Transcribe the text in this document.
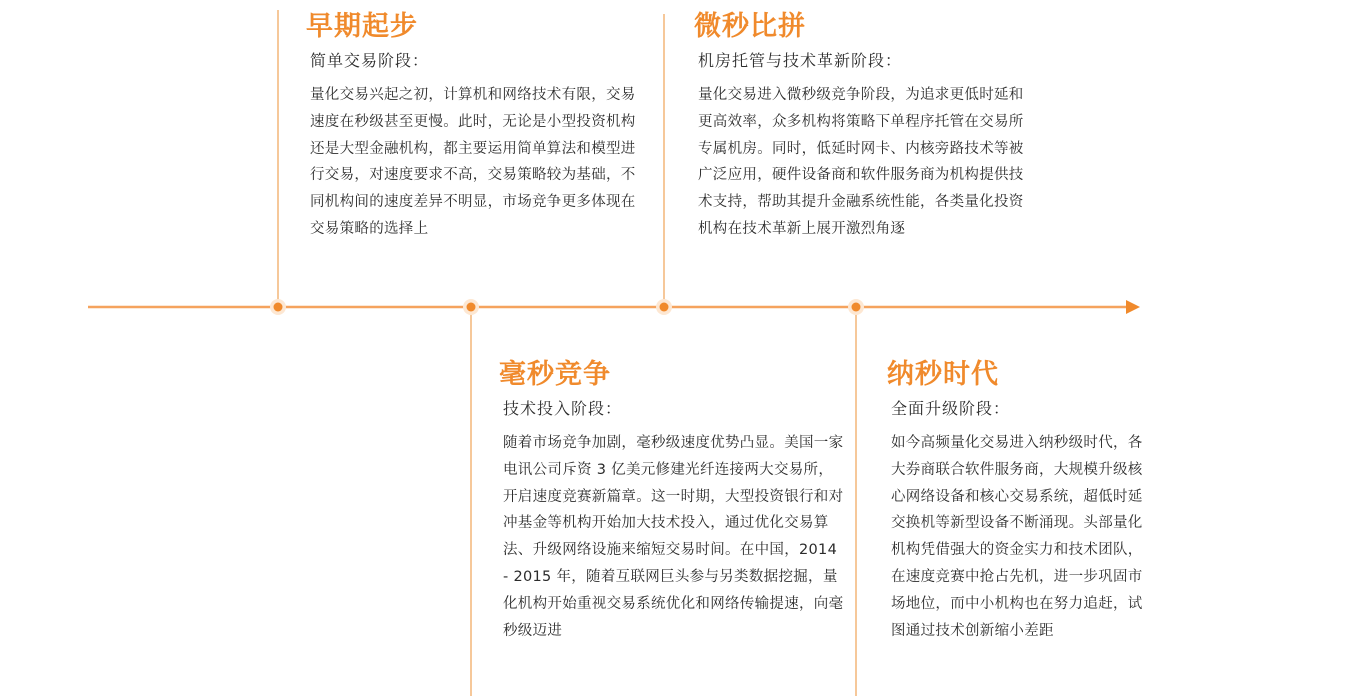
早期起步
简单交易阶段：

量化交易兴起之初，计算机和网络技术有限，交易速度在秒级甚至更慢。此时，无论是小型投资机构还是大型金融机构，都主要运用简单算法和模型进行交易，对速度要求不高，交易策略较为基础，不同机构间的速度差异不明显，市场竞争更多体现在交易策略的选择上

微秒比拼
机房托管与技术革新阶段：

量化交易进入微秒级竞争阶段，为追求更低时延和更高效率，众多机构将策略下单程序托管在交易所专属机房。同时，低延时网卡、内核旁路技术等被广泛应用，硬件设备商和软件服务商为机构提供技术支持，帮助其提升金融系统性能，各类量化投资机构在技术革新上展开激烈角逐

毫秒竞争
技术投入阶段：

随着市场竞争加剧，毫秒级速度优势凸显。美国一家电讯公司斥资 3 亿美元修建光纤连接两大交易所，开启速度竞赛新篇章。这一时期，大型投资银行和对冲基金等机构开始加大技术投入，通过优化交易算法、升级网络设施来缩短交易时间。在中国，2014 - 2015 年，随着互联网巨头参与另类数据挖掘，量化机构开始重视交易系统优化和网络传输提速，向毫秒级迈进

纳秒时代
全面升级阶段：

如今高频量化交易进入纳秒级时代，各大券商联合软件服务商，大规模升级核心网络设备和核心交易系统，超低时延交换机等新型设备不断涌现。头部量化机构凭借强大的资金实力和技术团队，在速度竞赛中抢占先机，进一步巩固市场地位，而中小机构也在努力追赶，试图通过技术创新缩小差距
